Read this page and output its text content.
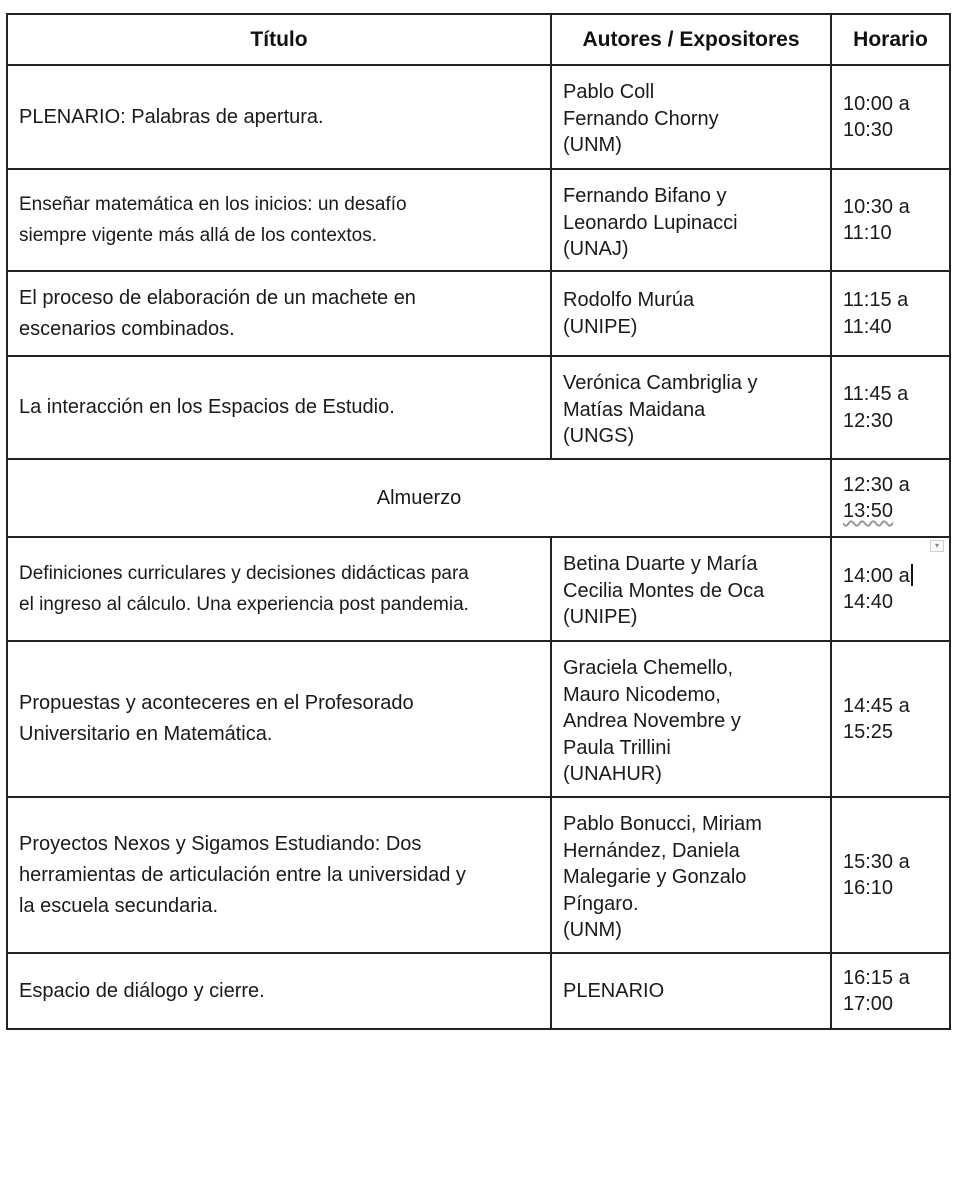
Título	Autores / Expositores	Horario

PLENARIO: Palabras de apertura.	Pablo Coll
Fernando Chorny
(UNM)	10:00 a
10:30

Enseñar matemática en los inicios: un desafío
siempre vigente más allá de los contextos.	Fernando Bifano y
Leonardo Lupinacci
(UNAJ)	10:30 a
11:10

El proceso de elaboración de un machete en
escenarios combinados.	Rodolfo Murúa
(UNIPE)	11:15 a
11:40

La interacción en los Espacios de Estudio.	Verónica Cambriglia y
Matías Maidana
(UNGS)	11:45 a
12:30

Almuerzo		12:30 a
13:50

Definiciones curriculares y decisiones didácticas para
el ingreso al cálculo. Una experiencia post pandemia.	Betina Duarte y María
Cecilia Montes de Oca
(UNIPE)	14:00 a
14:40

Propuestas y aconteceres en el Profesorado
Universitario en Matemática.	Graciela Chemello,
Mauro Nicodemo,
Andrea Novembre y
Paula Trillini
(UNAHUR)	14:45 a
15:25

Proyectos Nexos y Sigamos Estudiando: Dos
herramientas de articulación entre la universidad y
la escuela secundaria.	Pablo Bonucci, Miriam
Hernández, Daniela
Malegarie y Gonzalo
Píngaro.
(UNM)	15:30 a
16:10

Espacio de diálogo y cierre.	PLENARIO	16:15 a
17:00
▾
